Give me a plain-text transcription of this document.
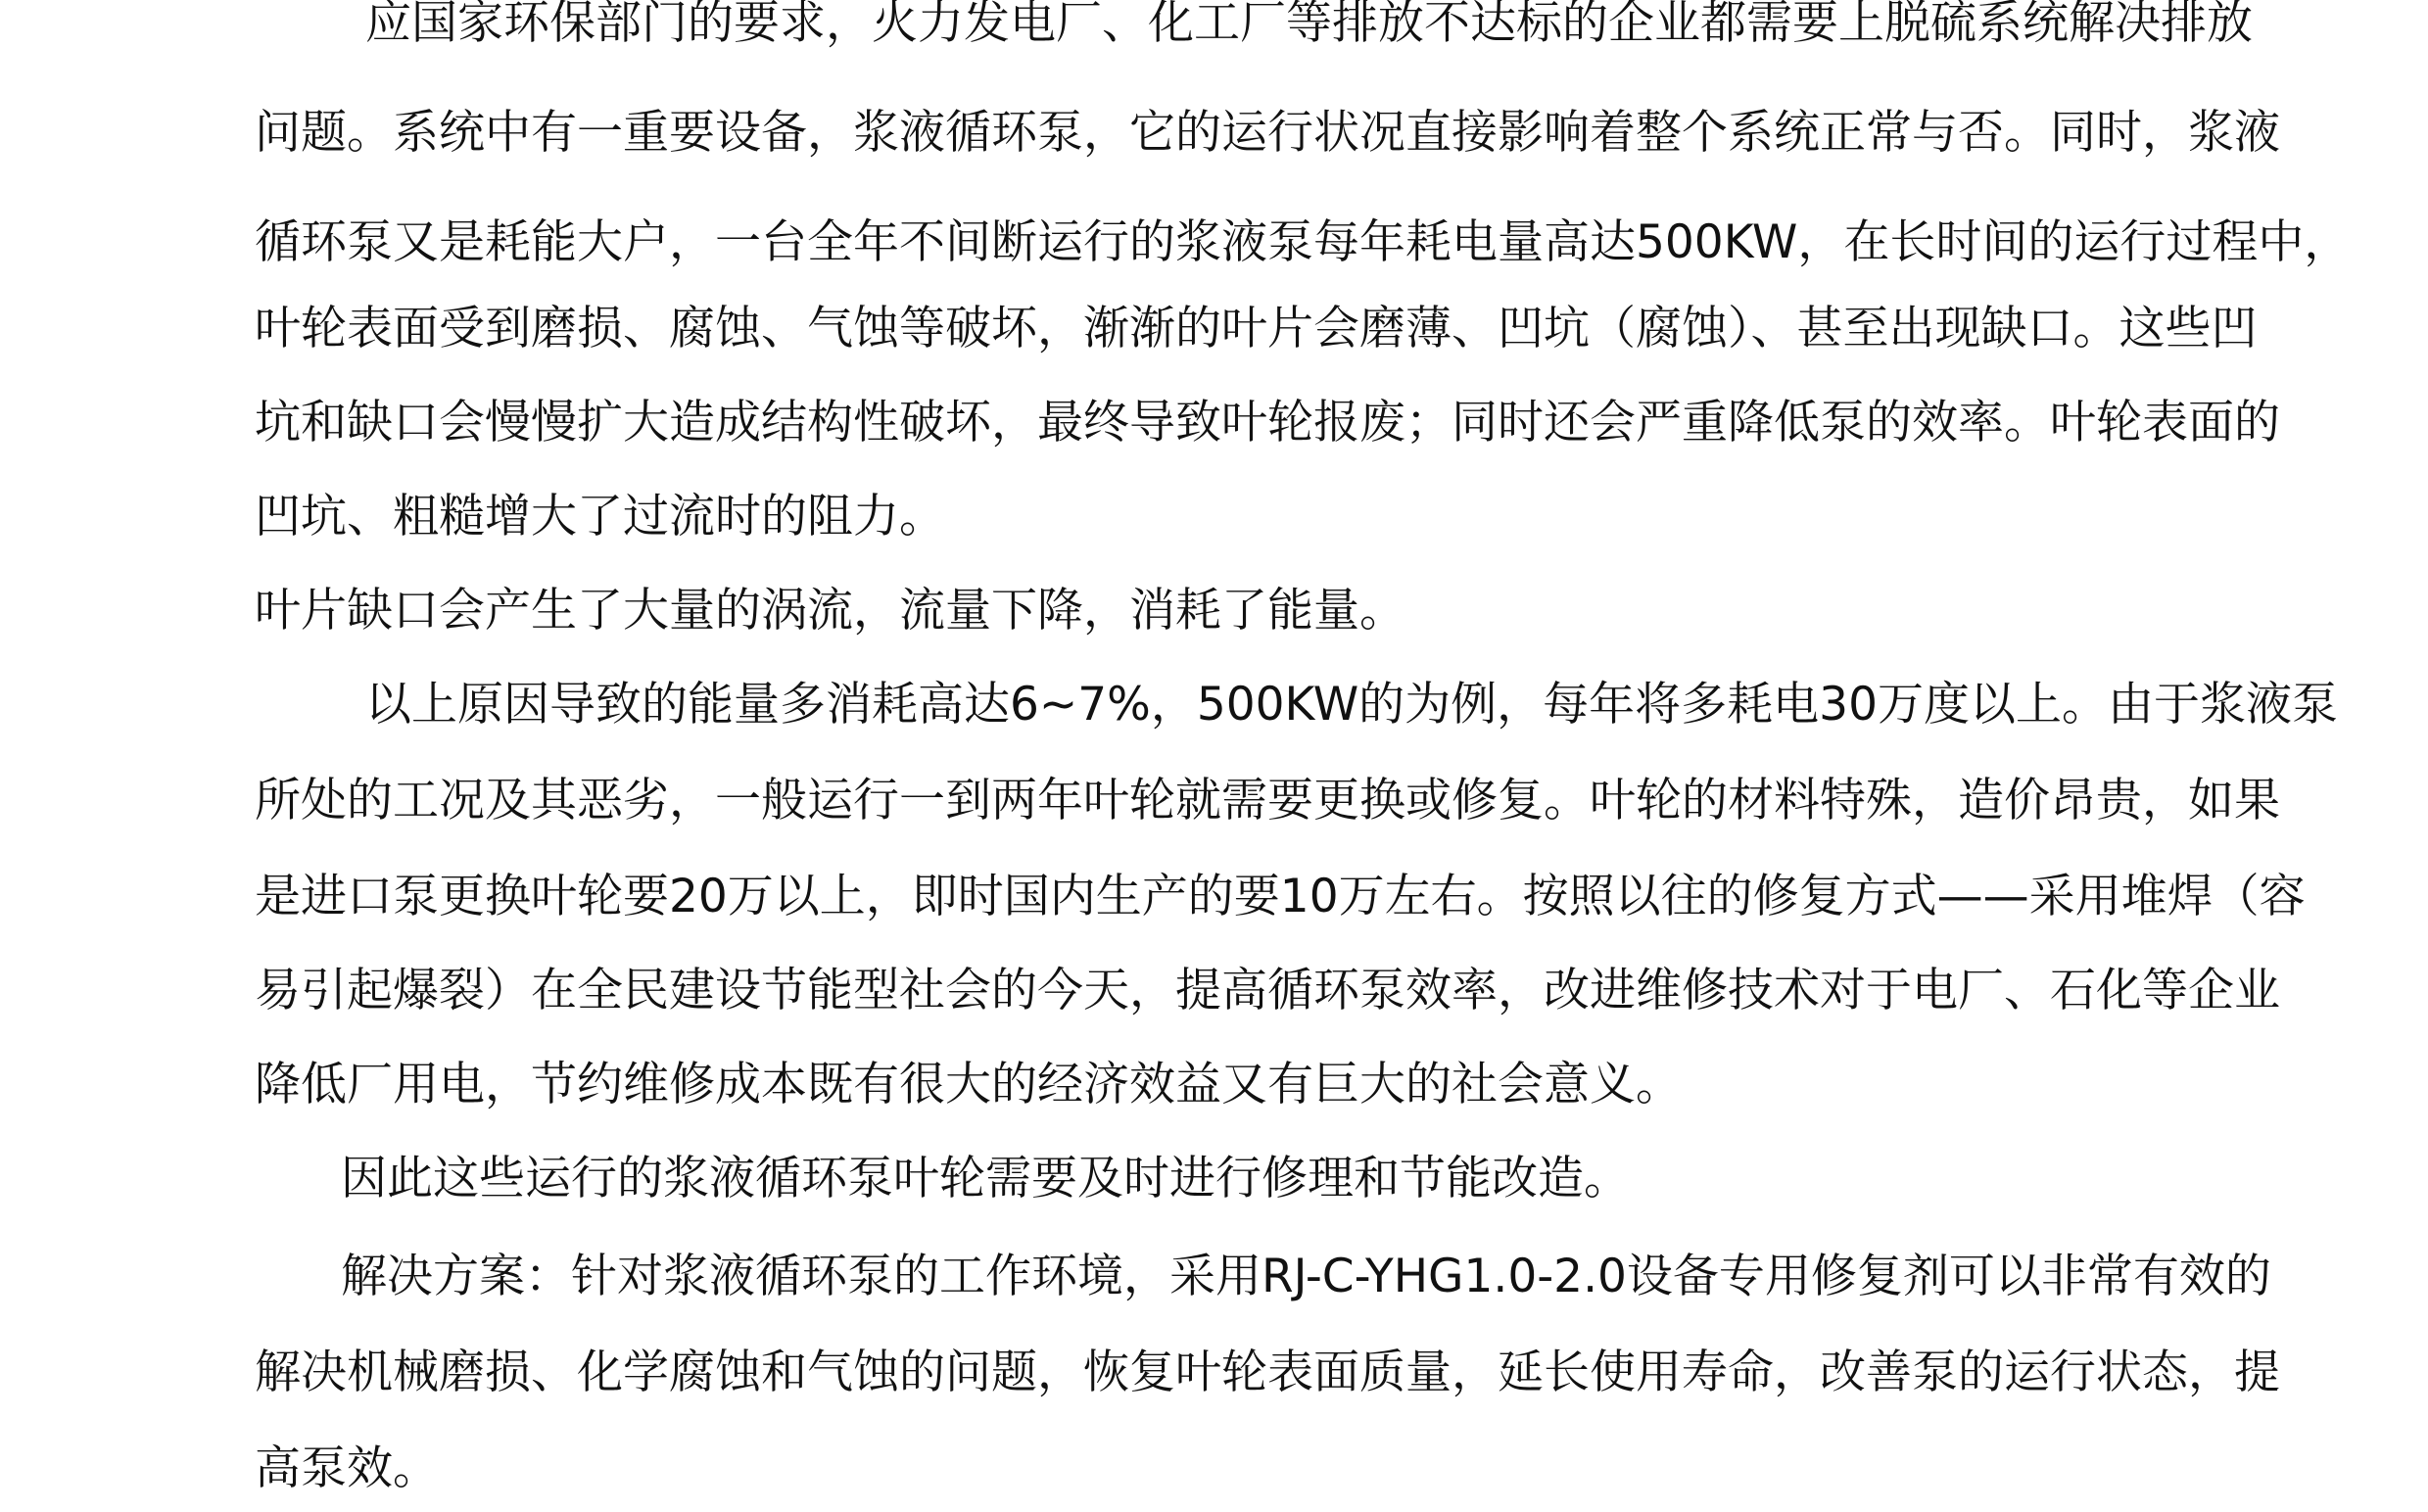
应国家环保部门的要求，火力发电厂、化工厂等排放不达标的企业都需要上脱硫系统解决排放
问题。系统中有一重要设备，浆液循环泵，它的运行状况直接影响着整个系统正常与否。同时，浆液
循环泵又是耗能大户，一台全年不间断运行的浆液泵每年耗电量高达500KW，在长时间的运行过程中，
叶轮表面受到磨损、腐蚀、气蚀等破坏，渐渐的叶片会磨薄、凹坑（腐蚀）、甚至出现缺口。这些凹
坑和缺口会慢慢扩大造成结构性破坏，最终导致叶轮报废；同时还会严重降低泵的效率。叶轮表面的
凹坑、粗糙增大了过流时的阻力。
叶片缺口会产生了大量的涡流，流量下降，消耗了能量。
以上原因导致的能量多消耗高达6~7%，500KW的为例，每年将多耗电30万度以上。由于浆液泵
所处的工况及其恶劣，一般运行一到两年叶轮就需要更换或修复。叶轮的材料特殊，造价昂贵，如果
是进口泵更换叶轮要20万以上，即时国内生产的要10万左右。按照以往的修复方式——采用堆焊（容
易引起爆裂）在全民建设节能型社会的今天，提高循环泵效率，改进维修技术对于电厂、石化等企业
降低厂用电，节约维修成本既有很大的经济效益又有巨大的社会意义。
因此这些运行的浆液循环泵叶轮需要及时进行修理和节能改造。
解决方案：针对浆液循环泵的工作环境，采用RJ-C-YHG1.0-2.0设备专用修复剂可以非常有效的
解决机械磨损、化学腐蚀和气蚀的问题，恢复叶轮表面质量，延长使用寿命，改善泵的运行状态，提
高泵效。
